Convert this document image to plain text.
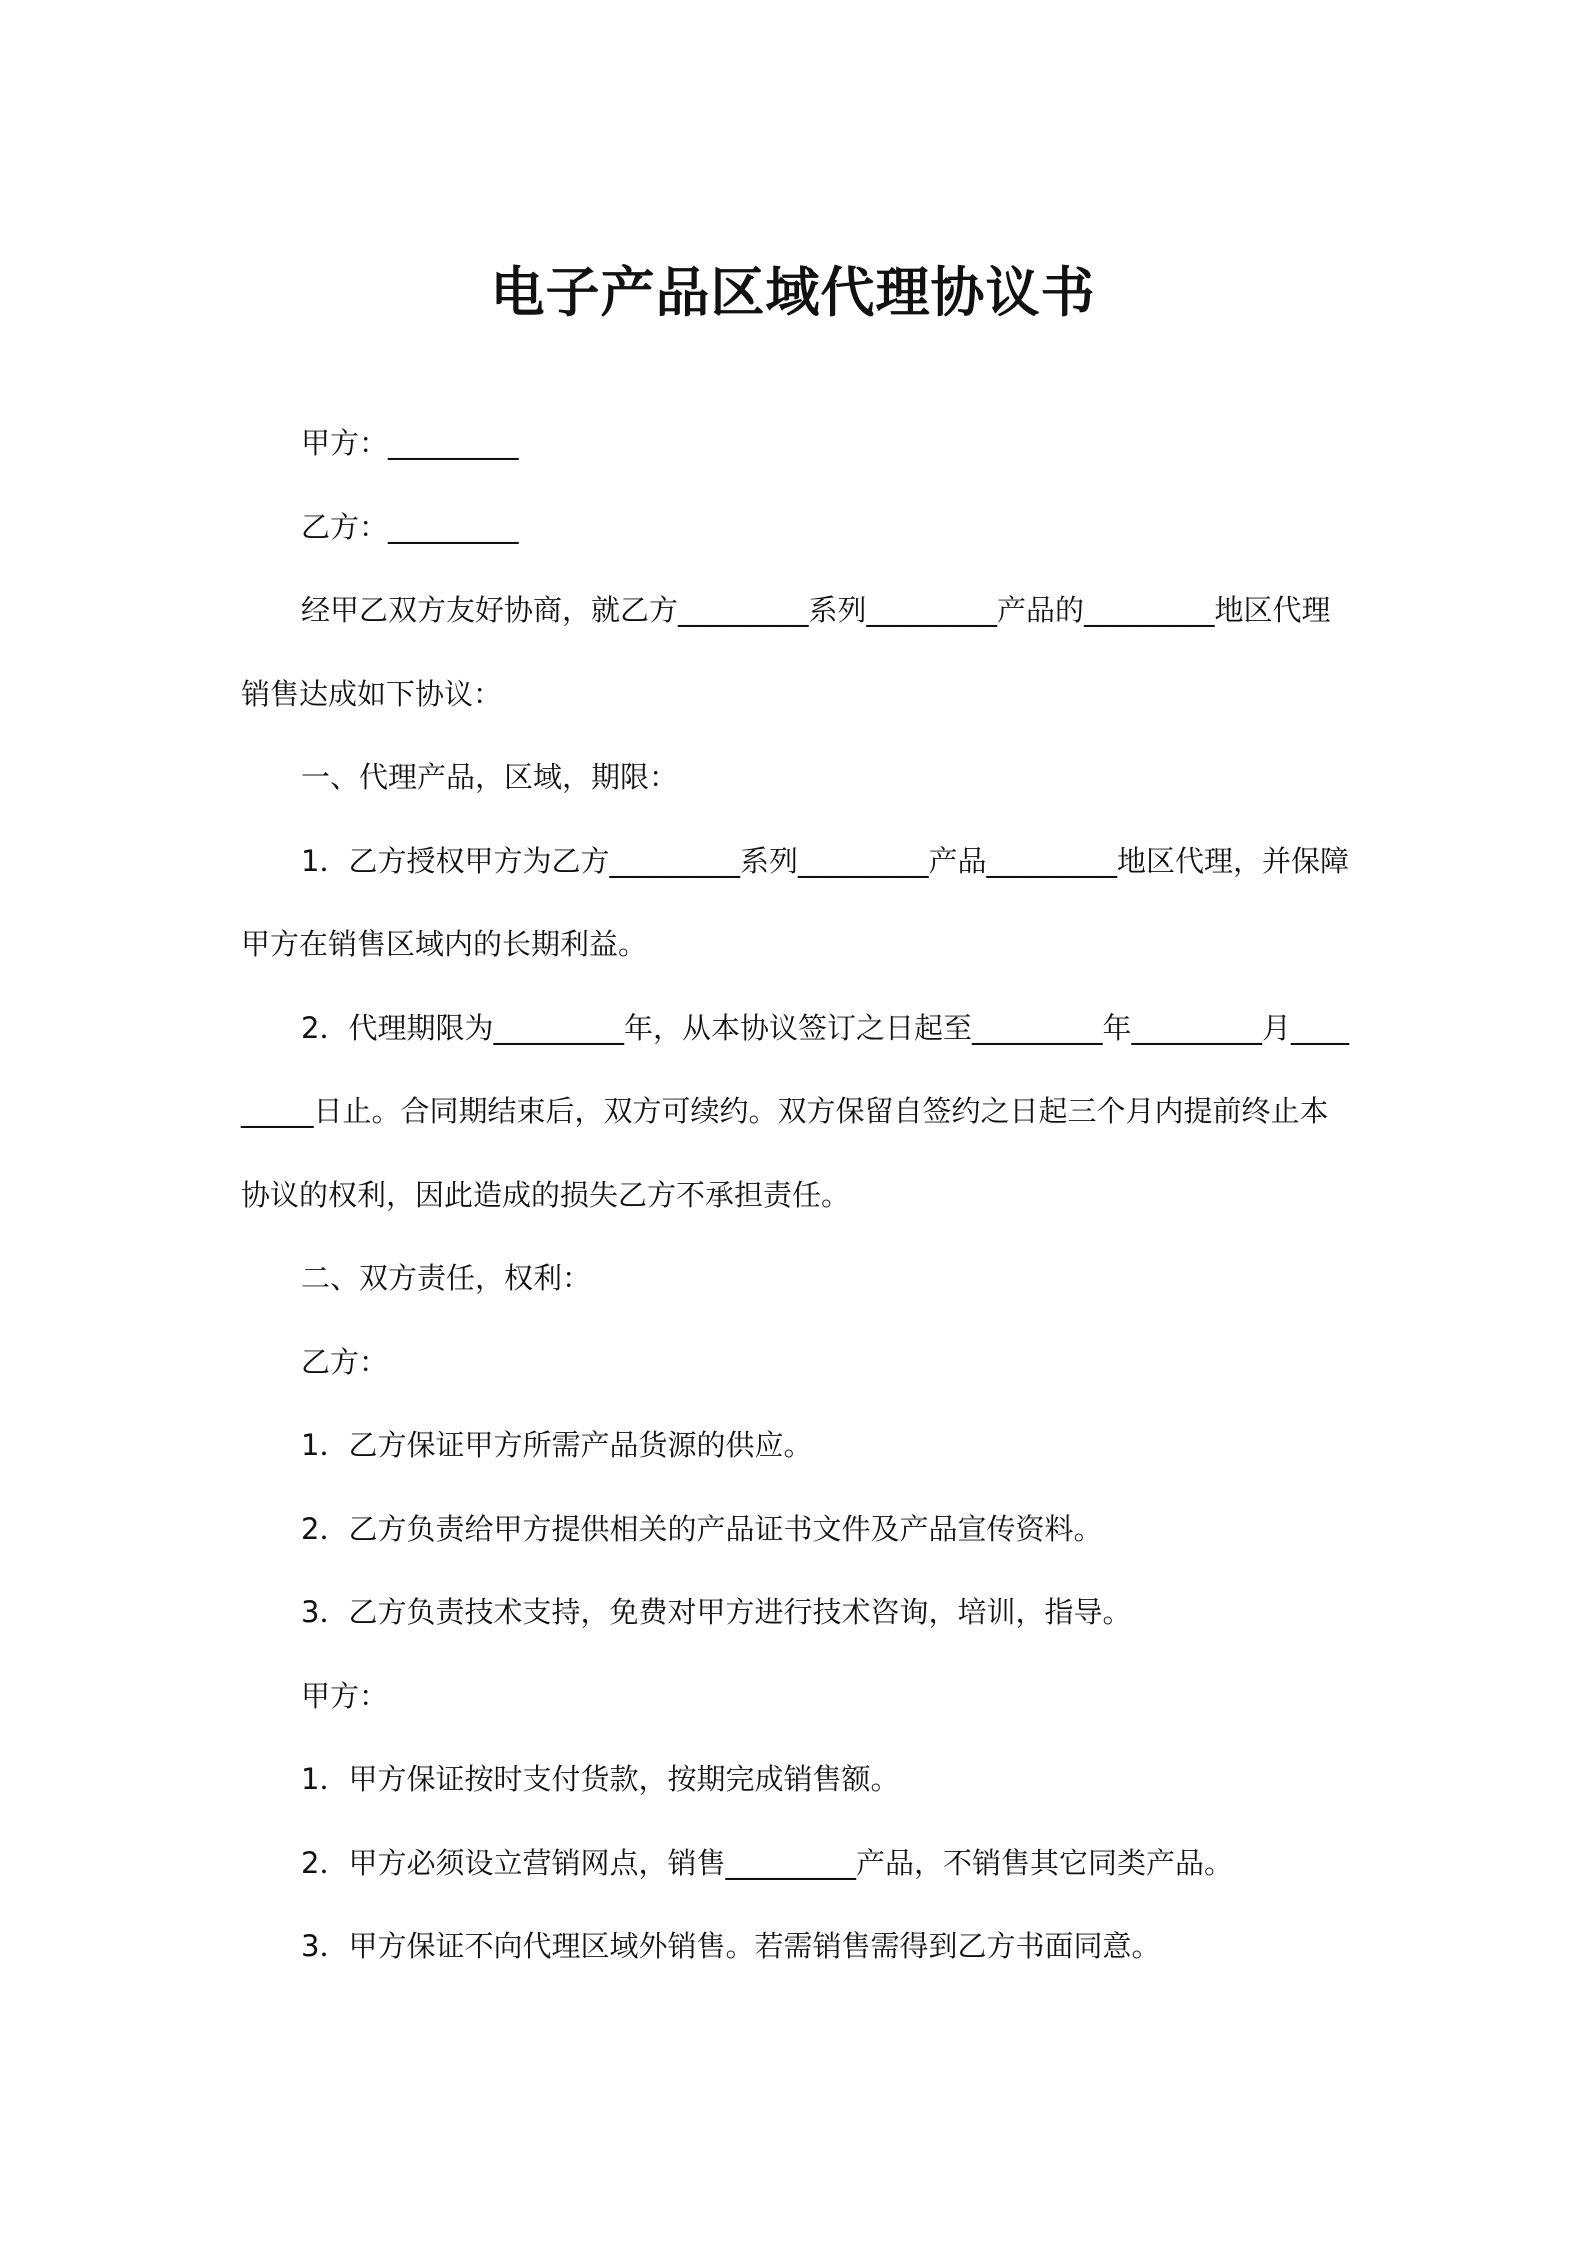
电子产品区域代理协议书

甲方：_________

乙方：_________

经甲乙双方友好协商，就乙方_________系列_________产品的_________地区代理销售达成如下协议：

一、代理产品，区域，期限：

1．乙方授权甲方为乙方_________系列_________产品_________地区代理，并保障甲方在销售区域内的长期利益。

2．代理期限为_________年，从本协议签订之日起至_________年_________月_________日止。合同期结束后，双方可续约。双方保留自签约之日起三个月内提前终止本协议的权利，因此造成的损失乙方不承担责任。

二、双方责任，权利：

乙方：

1．乙方保证甲方所需产品货源的供应。

2．乙方负责给甲方提供相关的产品证书文件及产品宣传资料。

3．乙方负责技术支持，免费对甲方进行技术咨询，培训，指导。

甲方：

1．甲方保证按时支付货款，按期完成销售额。

2．甲方必须设立营销网点，销售_________产品，不销售其它同类产品。

3．甲方保证不向代理区域外销售。若需销售需得到乙方书面同意。
